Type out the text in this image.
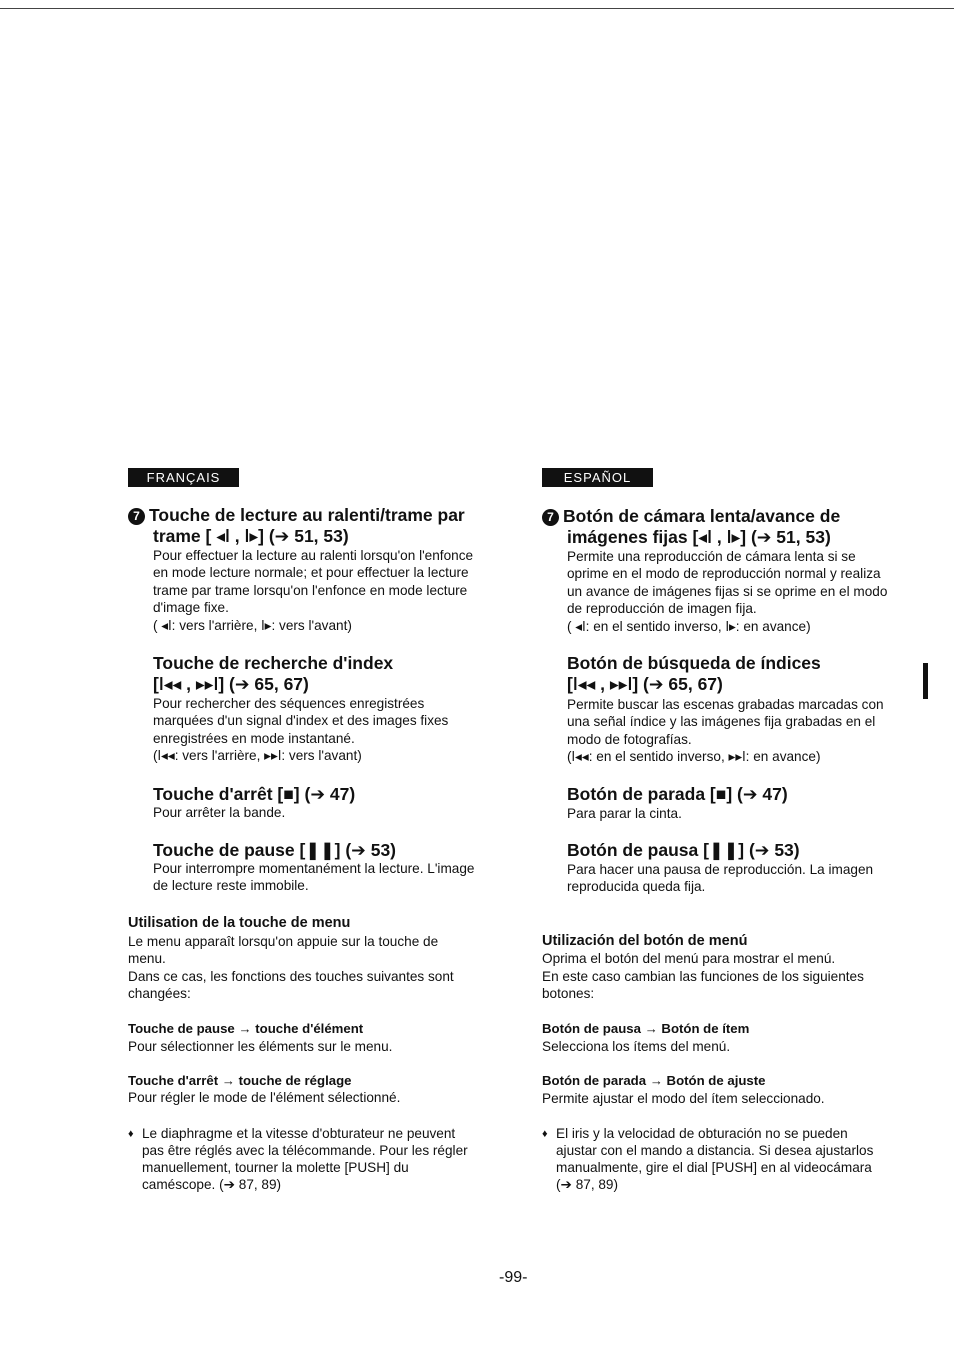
FRANÇAIS
7 Touche de lecture au ralenti/trame par
trame [ ◂ǀ , ǀ▸] (➔ 51, 53)
Pour effectuer la lecture au ralenti lorsqu'on l'enfonce
en mode lecture normale; et pour effectuer la lecture
trame par trame lorsqu'on l'enfonce en mode lecture
d'image fixe.
( ◂ǀ: vers l'arrière, ǀ▸: vers l'avant)
Touche de recherche d'index
[ǀ◂◂ , ▸▸ǀ] (➔ 65, 67)
Pour rechercher des séquences enregistrées
marquées d'un signal d'index et des images fixes
enregistrées en mode instantané.
(ǀ◂◂: vers l'arrière, ▸▸ǀ: vers l'avant)
Touche d'arrêt [■] (➔ 47)
Pour arrêter la bande.
Touche de pause [❚❚] (➔ 53)
Pour interrompre momentanément la lecture. L'image
de lecture reste immobile.
Utilisation de la touche de menu
Le menu apparaît lorsqu'on appuie sur la touche de
menu.
Dans ce cas, les fonctions des touches suivantes sont
changées:
Touche de pause → touche d'élément
Pour sélectionner les éléments sur le menu.
Touche d'arrêt → touche de réglage
Pour régler le mode de l'élément sélectionné.
♦ Le diaphragme et la vitesse d'obturateur ne peuvent
pas être réglés avec la télécommande. Pour les régler
manuellement, tourner la molette [PUSH] du
caméscope. (➔ 87, 89)
ESPAÑOL
7 Botón de cámara lenta/avance de
imágenes fijas [◂ǀ , ǀ▸] (➔ 51, 53)
Permite una reproducción de cámara lenta si se
oprime en el modo de reproducción normal y realiza
un avance de imágenes fijas si se oprime en el modo
de reproducción de imagen fija.
( ◂ǀ: en el sentido inverso, ǀ▸: en avance)
Botón de búsqueda de índices
[ǀ◂◂ , ▸▸ǀ] (➔ 65, 67)
Permite buscar las escenas grabadas marcadas con
una señal índice y las imágenes fija grabadas en el
modo de fotografías.
(ǀ◂◂: en el sentido inverso, ▸▸ǀ: en avance)
Botón de parada [■] (➔ 47)
Para parar la cinta.
Botón de pausa [❚❚] (➔ 53)
Para hacer una pausa de reproducción. La imagen
reproducida queda fija.
Utilización del botón de menú
Oprima el botón del menú para mostrar el menú.
En este caso cambian las funciones de los siguientes
botones:
Botón de pausa → Botón de ítem
Selecciona los ítems del menú.
Botón de parada → Botón de ajuste
Permite ajustar el modo del ítem seleccionado.
♦ El iris y la velocidad de obturación no se pueden
ajustar con el mando a distancia. Si desea ajustarlos
manualmente, gire el dial [PUSH] en al videocámara
(➔ 87, 89)
-99-
